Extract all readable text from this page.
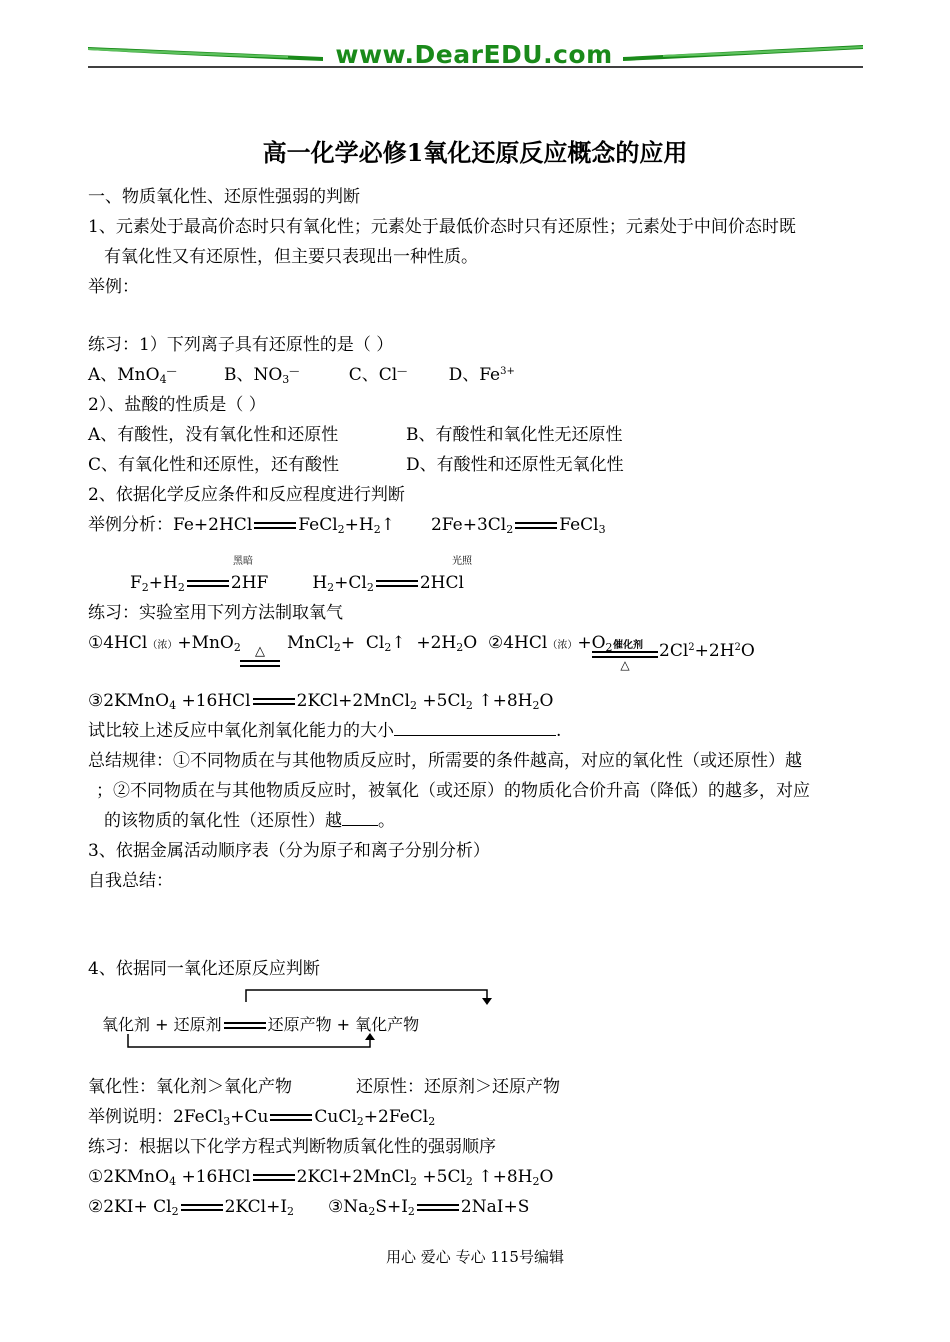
www.DearEDU.com
高一化学必修1氧化还原反应概念的应用
一、物质氧化性、还原性强弱的判断
1、元素处于最高价态时只有氧化性；元素处于最低价态时只有还原性；元素处于中间价态时既
有氧化性又有还原性，但主要只表现出一种性质。
举例：
练习：1）下列离子具有还原性的是（ ）
A、MnO$_4$—	B、$NO_3^—$	C、Cl— D、$Fe^{3+}$
2）、盐酸的性质是（ ）
A、有酸性，没有氧化性和还原性	B、有酸性和氧化性无还原性
C、有氧化性和还原性，还有酸性	D、有酸性和还原性无氧化性
2、依据化学反应条件和反应程度进行判断
举例分析：Fe+2HCl	$FeCl_2+H_2↑$ $2Fe+3Cl_2$	FeCl$_3$
黑暗	光照
$F_2+H_2$	2HF	$H_2+Cl_2$	2HCl
练习：实验室用下列方法制取氧气
①4HCl（浓）+MnO$_2$	△	MnCl$_2$+  $Cl_2↑ +2H_2O$  ②4HCl（浓）$+O_2$ 催化剂
△
$2Cl^2+2H^2O$
③2KMnO$_4$ +16HCl	2KCl+2MnCl$_2$ $+5Cl_2$ $↑+8H_2O$
试比较上述反应中氧化剂氧化能力的大小	.
总结规律：①不同物质在与其他物质反应时，所需要的条件越高，对应的氧化性（或还原性）越
；②不同物质在与其他物质反应时，被氧化（或还原）的物质化合价升高（降低）的越多，对应
的该物质的氧化性（还原性）越 。
3、依据金属活动顺序表（分为原子和离子分别分析）
自我总结：
4、依据同一氧化还原反应判断
氧化剂 + 还原剂	还原产物 + 氧化产物
氧化性：氧化剂＞氧化产物	还原性：还原剂＞还原产物
举例说明：2FeCl$_3$+Cu	CuCl$_2$+2FeCl$_2$
练习：根据以下化学方程式判断物质氧化性的强弱顺序
①2KMnO$_4$ +16HCl	2KCl+2MnCl$_2$ $+5Cl_2$ $↑+8H_2O$
②2KI+ $Cl_2$	$2KCl+I_2$ $③Na_2S+I_2$	2NaI+S
用心 爱心 专心 115号编辑
